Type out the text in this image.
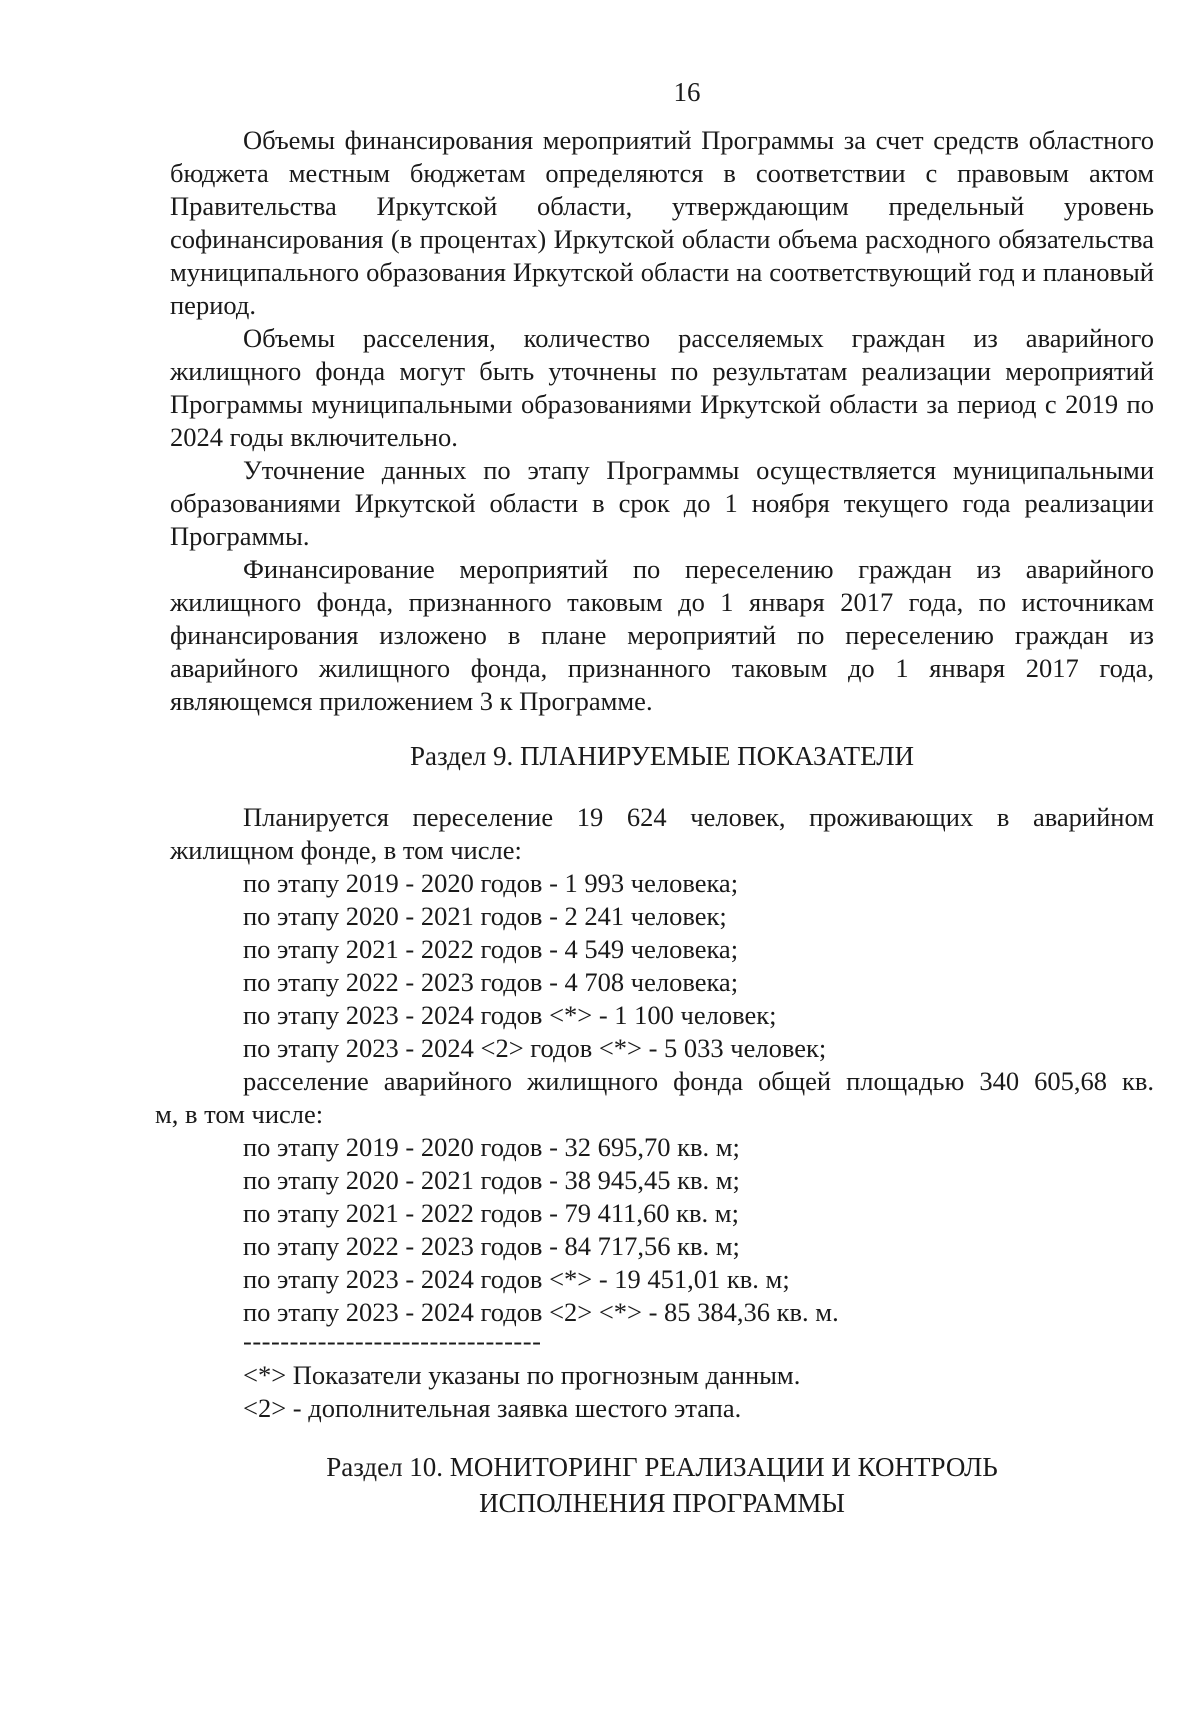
16

Объемы финансирования мероприятий Программы за счет средств областного бюджета местным бюджетам определяются в соответствии с правовым актом Правительства Иркутской области, утверждающим предельный уровень софинансирования (в процентах) Иркутской области объема расходного обязательства муниципального образования Иркутской области на соответствующий год и плановый период.

Объемы расселения, количество расселяемых граждан из аварийного жилищного фонда могут быть уточнены по результатам реализации мероприятий Программы муниципальными образованиями Иркутской области за период с 2019 по 2024 годы включительно.

Уточнение данных по этапу Программы осуществляется муниципальными образованиями Иркутской области в срок до 1 ноября текущего года реализации Программы.

Финансирование мероприятий по переселению граждан из аварийного жилищного фонда, признанного таковым до 1 января 2017 года, по источникам финансирования изложено в плане мероприятий по переселению граждан из аварийного жилищного фонда, признанного таковым до 1 января 2017 года, являющемся приложением 3 к Программе.

Раздел 9. ПЛАНИРУЕМЫЕ ПОКАЗАТЕЛИ

Планируется переселение 19 624 человек, проживающих в аварийном жилищном фонде, в том числе:

по этапу 2019 - 2020 годов - 1 993 человека;

по этапу 2020 - 2021 годов - 2 241 человек;

по этапу 2021 - 2022 годов - 4 549 человека;

по этапу 2022 - 2023 годов - 4 708 человека;

по этапу 2023 - 2024 годов <*> - 1 100 человек;

по этапу 2023 - 2024 <2> годов <*> - 5 033 человек;

расселение аварийного жилищного фонда общей площадью 340 605,68 кв.

м, в том числе:

по этапу 2019 - 2020 годов - 32 695,70 кв. м;

по этапу 2020 - 2021 годов - 38 945,45 кв. м;

по этапу 2021 - 2022 годов - 79 411,60 кв. м;

по этапу 2022 - 2023 годов - 84 717,56 кв. м;

по этапу 2023 - 2024 годов <*> - 19 451,01 кв. м;

по этапу 2023 - 2024 годов <2> <*> - 85 384,36 кв. м.

--------------------------------

<*> Показатели указаны по прогнозным данным.

<2> - дополнительная заявка шестого этапа.

Раздел 10. МОНИТОРИНГ РЕАЛИЗАЦИИ И КОНТРОЛЬ

ИСПОЛНЕНИЯ ПРОГРАММЫ
